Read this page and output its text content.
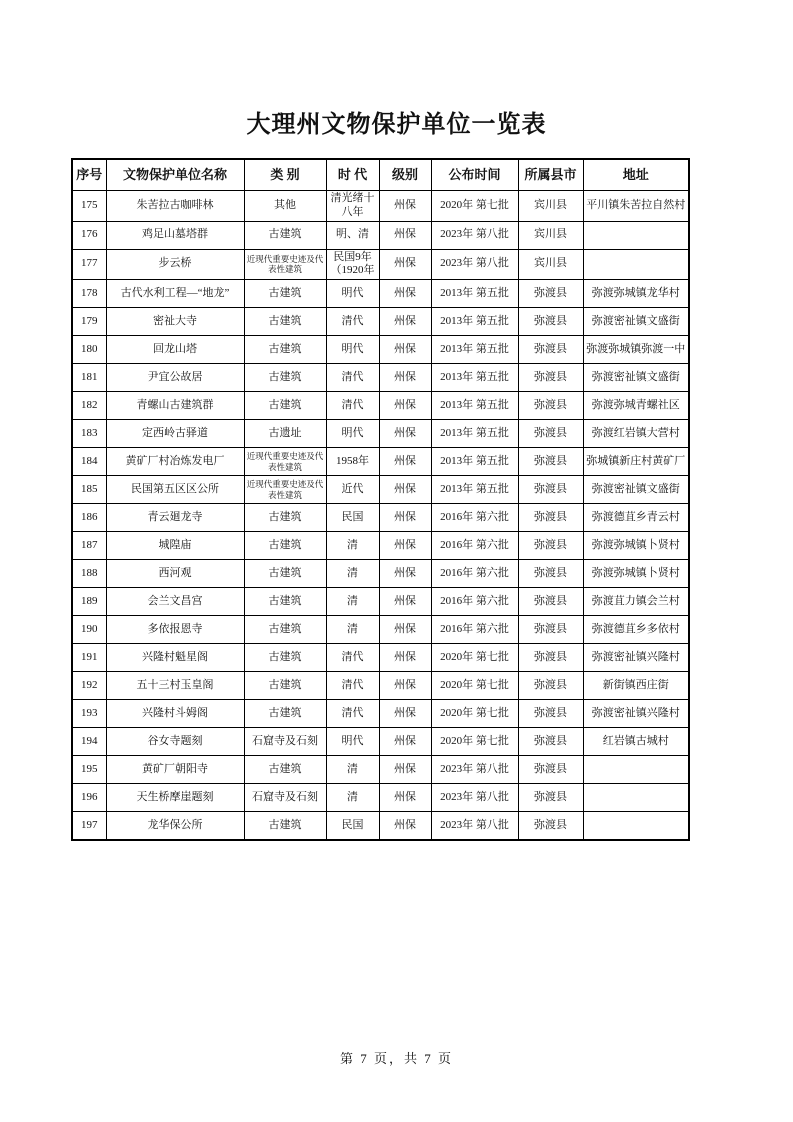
大理州文物保护单位一览表
序号	文物保护单位名称	类 别	时 代	级别	公布时间	所属县市	地址
175	朱苦拉古咖啡林	其他	清光绪十八年	州保	2020年 第七批	宾川县	平川镇朱苦拉自然村
176	鸡足山墓塔群	古建筑	明、清	州保	2023年 第八批	宾川县	
177	步云桥	近现代重要史迹及代表性建筑	民国9年（1920年	州保	2023年 第八批	宾川县	
178	古代水利工程—“地龙”	古建筑	明代	州保	2013年 第五批	弥渡县	弥渡弥城镇龙华村
179	密祉大寺	古建筑	清代	州保	2013年 第五批	弥渡县	弥渡密祉镇文盛街
180	回龙山塔	古建筑	明代	州保	2013年 第五批	弥渡县	弥渡弥城镇弥渡一中
181	尹宜公故居	古建筑	清代	州保	2013年 第五批	弥渡县	弥渡密祉镇文盛街
182	青螺山古建筑群	古建筑	清代	州保	2013年 第五批	弥渡县	弥渡弥城青螺社区
183	定西岭古驿道	古遗址	明代	州保	2013年 第五批	弥渡县	弥渡红岩镇大营村
184	黄矿厂村冶炼发电厂	近现代重要史迹及代表性建筑	1958年	州保	2013年 第五批	弥渡县	弥城镇新庄村黄矿厂
185	民国第五区区公所	近现代重要史迹及代表性建筑	近代	州保	2013年 第五批	弥渡县	弥渡密祉镇文盛街
186	青云廻龙寺	古建筑	民国	州保	2016年 第六批	弥渡县	弥渡德苴乡青云村
187	城隍庙	古建筑	清	州保	2016年 第六批	弥渡县	弥渡弥城镇卜贤村
188	西河观	古建筑	清	州保	2016年 第六批	弥渡县	弥渡弥城镇卜贤村
189	会兰文昌宫	古建筑	清	州保	2016年 第六批	弥渡县	弥渡苴力镇会兰村
190	多依报恩寺	古建筑	清	州保	2016年 第六批	弥渡县	弥渡德苴乡多依村
191	兴隆村魁星阁	古建筑	清代	州保	2020年 第七批	弥渡县	弥渡密祉镇兴隆村
192	五十三村玉皇阁	古建筑	清代	州保	2020年 第七批	弥渡县	新街镇西庄街
193	兴隆村斗姆阁	古建筑	清代	州保	2020年 第七批	弥渡县	弥渡密祉镇兴隆村
194	谷女寺题刻	石窟寺及石刻	明代	州保	2020年 第七批	弥渡县	红岩镇古城村
195	黄矿厂朝阳寺	古建筑	清	州保	2023年 第八批	弥渡县	
196	天生桥摩崖题刻	石窟寺及石刻	清	州保	2023年 第八批	弥渡县	
197	龙华保公所	古建筑	民国	州保	2023年 第八批	弥渡县	
第 7 页，共 7 页
